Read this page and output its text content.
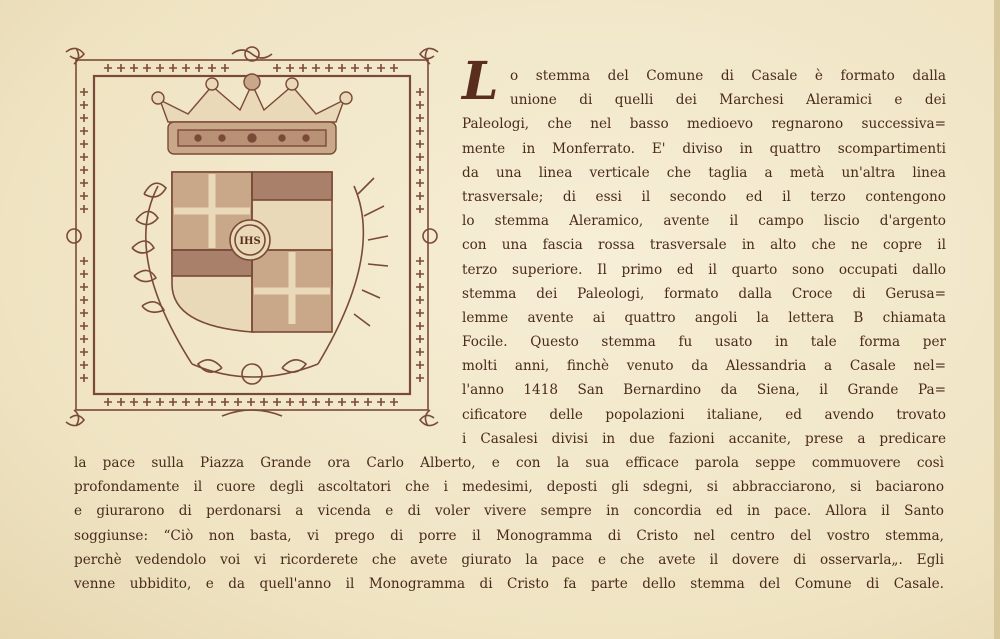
IHS
L o stemma del Comune di Casale è formato dalla
unione di quelli dei Marchesi Aleramici e dei
Paleologi, che nel basso medioevo regnarono successiva=
mente in Monferrato. E' diviso in quattro scompartimenti
da una linea verticale che taglia a metà un'altra linea
trasversale; di essi il secondo ed il terzo contengono
lo stemma Aleramico, avente il campo liscio d'argento
con una fascia rossa trasversale in alto che ne copre il
terzo superiore. Il primo ed il quarto sono occupati dallo
stemma dei Paleologi, formato dalla Croce di Gerusa=
lemme avente ai quattro angoli la lettera B chiamata
Focile. Questo stemma fu usato in tale forma per
molti anni, finchè venuto da Alessandria a Casale nel=
l'anno 1418 San Bernardino da Siena, il Grande Pa=
cificatore delle popolazioni italiane, ed avendo trovato
i Casalesi divisi in due fazioni accanite, prese a predicare
la pace sulla Piazza Grande ora Carlo Alberto, e con la sua efficace parola seppe commuovere così
profondamente il cuore degli ascoltatori che i medesimi, deposti gli sdegni, si abbracciarono, si baciarono
e giurarono di perdonarsi a vicenda e di voler vivere sempre in concordia ed in pace. Allora il Santo
soggiunse: “Ciò non basta, vi prego di porre il Monogramma di Cristo nel centro del vostro stemma,
perchè vedendolo voi vi ricorderete che avete giurato la pace e che avete il dovere di osservarla„. Egli
venne ubbidito, e da quell'anno il Monogramma di Cristo fa parte dello stemma del Comune di Casale.
